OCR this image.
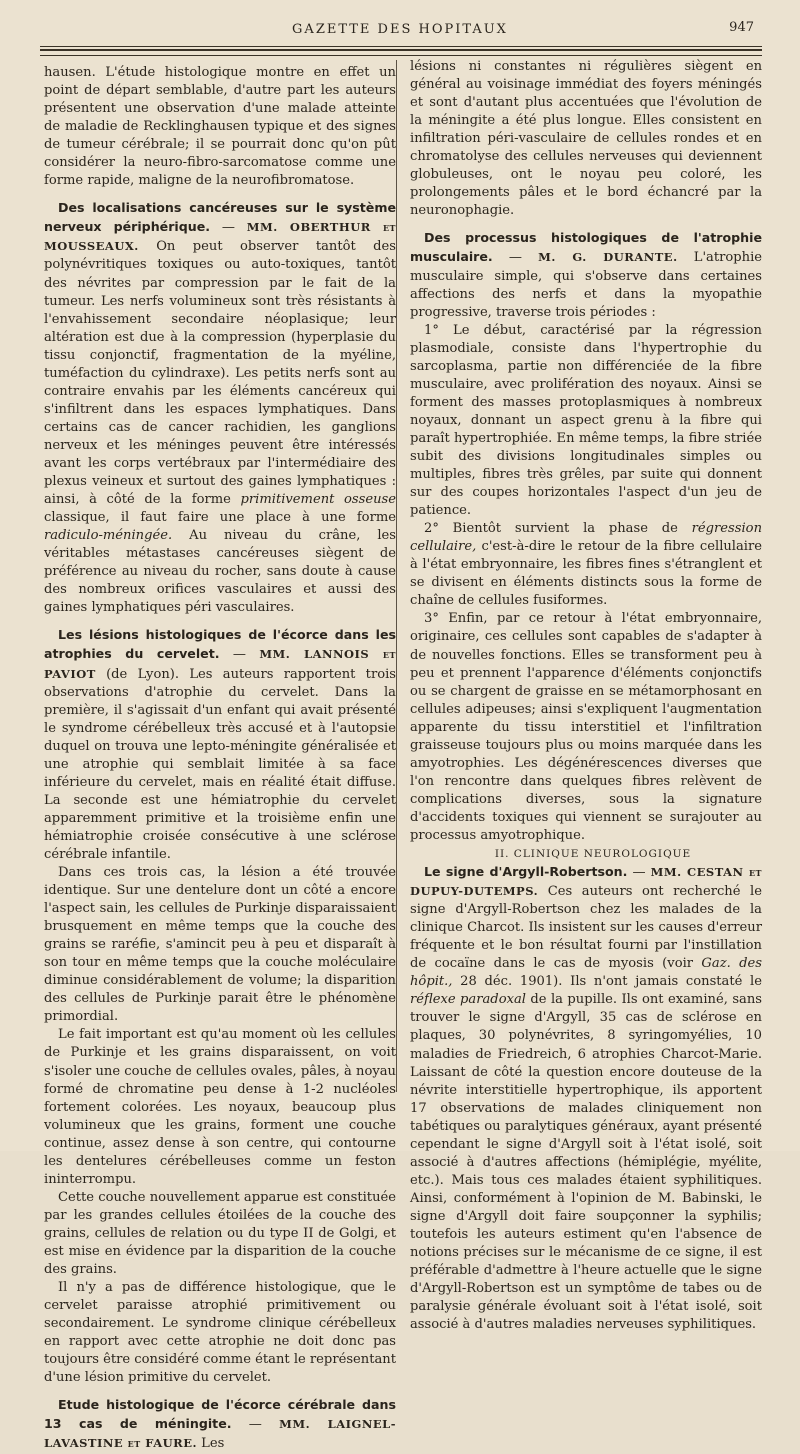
GAZETTE DES HOPITAUX	947

hausen. L'étude histologique montre en effet un point de départ semblable, d'autre part les auteurs présentent une observation d'une malade atteinte de maladie de Recklinghausen typique et des signes de tumeur cérébrale; il se pourrait donc qu'on pût considérer la neuro-fibro-sarcomatose comme une forme rapide, maligne de la neurofibromatose.

Des localisations cancéreuses sur le système nerveux périphérique. — MM. OBERTHUR et MOUSSEAUX. On peut observer tantôt des polynévritiques toxiques ou auto-toxiques, tantôt des névrites par compression par le fait de la tumeur. Les nerfs volumineux sont très résistants à l'envahissement secondaire néoplasique; leur altération est due à la compression (hyperplasie du tissu conjonctif, fragmentation de la myéline, tuméfaction du cylindraxe). Les petits nerfs sont au contraire envahis par les éléments cancéreux qui s'infiltrent dans les espaces lymphatiques. Dans certains cas de cancer rachidien, les ganglions nerveux et les méninges peuvent être intéressés avant les corps vertébraux par l'intermédiaire des plexus veineux et surtout des gaines lymphatiques : ainsi, à côté de la forme primitivement osseuse classique, il faut faire une place à une forme radiculo-méningée. Au niveau du crâne, les véritables métastases cancéreuses siègent de préférence au niveau du rocher, sans doute à cause des nombreux orifices vasculaires et aussi des gaines lymphatiques péri vasculaires.

Les lésions histologiques de l'écorce dans les atrophies du cervelet. — MM. LANNOIS et PAVIOT (de Lyon). Les auteurs rapportent trois observations d'atrophie du cervelet. Dans la première, il s'agissait d'un enfant qui avait présenté le syndrome cérébelleux très accusé et à l'autopsie duquel on trouva une lepto-méningite généralisée et une atrophie qui semblait limitée à sa face inférieure du cervelet, mais en réalité était diffuse. La seconde est une hémiatrophie du cervelet apparemment primitive et la troisième enfin une hémiatrophie croisée consécutive à une sclérose cérébrale infantile.

Dans ces trois cas, la lésion a été trouvée identique. Sur une dentelure dont un côté a encore l'aspect sain, les cellules de Purkinje disparaissaient brusquement en même temps que la couche des grains se raréfie, s'amincit peu à peu et disparaît à son tour en même temps que la couche moléculaire diminue considérablement de volume; la disparition des cellules de Purkinje parait être le phénomène primordial.

Le fait important est qu'au moment où les cellules de Purkinje et les grains disparaissent, on voit s'isoler une couche de cellules ovales, pâles, à noyau formé de chromatine peu dense à 1-2 nucléoles fortement colorées. Les noyaux, beaucoup plus volumineux que les grains, forment une couche continue, assez dense à son centre, qui contourne les dentelures cérébelleuses comme un feston ininterrompu.

Cette couche nouvellement apparue est constituée par les grandes cellules étoilées de la couche des grains, cellules de relation ou du type II de Golgi, et est mise en évidence par la disparition de la couche des grains.

Il n'y a pas de différence histologique, que le cervelet paraisse atrophié primitivement ou secondairement. Le syndrome clinique cérébelleux en rapport avec cette atrophie ne doit donc pas toujours être considéré comme étant le représentant d'une lésion primitive du cervelet.

Etude histologique de l'écorce cérébrale dans 13 cas de méningite. — MM. LAIGNEL-LAVASTINE et FAURE. Les

lésions ni constantes ni régulières siègent en général au voisinage immédiat des foyers méningés et sont d'autant plus accentuées que l'évolution de la méningite a été plus longue. Elles consistent en infiltration péri-vasculaire de cellules rondes et en chromatolyse des cellules nerveuses qui deviennent globuleuses, ont le noyau peu coloré, les prolongements pâles et le bord échancré par la neuronophagie.

Des processus histologiques de l'atrophie musculaire. — M. G. DURANTE. L'atrophie musculaire simple, qui s'observe dans certaines affections des nerfs et dans la myopathie progressive, traverse trois périodes :

1° Le début, caractérisé par la régression plasmodiale, consiste dans l'hypertrophie du sarcoplasma, partie non différenciée de la fibre musculaire, avec prolifération des noyaux. Ainsi se forment des masses protoplasmiques à nombreux noyaux, donnant un aspect grenu à la fibre qui paraît hypertrophiée. En même temps, la fibre striée subit des divisions longitudinales simples ou multiples, fibres très grêles, par suite qui donnent sur des coupes horizontales l'aspect d'un jeu de patience.

2° Bientôt survient la phase de régression cellulaire, c'est-à-dire le retour de la fibre cellulaire à l'état embryonnaire, les fibres fines s'étranglent et se divisent en éléments distincts sous la forme de chaîne de cellules fusiformes.

3° Enfin, par ce retour à l'état embryonnaire, originaire, ces cellules sont capables de s'adapter à de nouvelles fonctions. Elles se transforment peu à peu et prennent l'apparence d'éléments conjonctifs ou se chargent de graisse en se métamorphosant en cellules adipeuses; ainsi s'expliquent l'augmentation apparente du tissu interstitiel et l'infiltration graisseuse toujours plus ou moins marquée dans les amyotrophies. Les dégénérescences diverses que l'on rencontre dans quelques fibres relèvent de complications diverses, sous la signature d'accidents toxiques qui viennent se surajouter au processus amyotrophique.

II. CLINIQUE NEUROLOGIQUE

Le signe d'Argyll-Robertson. — MM. CESTAN et DUPUY-DUTEMPS. Ces auteurs ont recherché le signe d'Argyll-Robertson chez les malades de la clinique Charcot. Ils insistent sur les causes d'erreur fréquente et le bon résultat fourni par l'instillation de cocaïne dans le cas de myosis (voir Gaz. des hôpit., 28 déc. 1901). Ils n'ont jamais constaté le réflexe paradoxal de la pupille. Ils ont examiné, sans trouver le signe d'Argyll, 35 cas de sclérose en plaques, 30 polynévrites, 8 syringomyélies, 10 maladies de Friedreich, 6 atrophies Charcot-Marie. Laissant de côté la question encore douteuse de la névrite interstitielle hypertrophique, ils apportent 17 observations de malades cliniquement non tabétiques ou paralytiques généraux, ayant présenté cependant le signe d'Argyll soit à l'état isolé, soit associé à d'autres affections (hémiplégie, myélite, etc.). Mais tous ces malades étaient syphilitiques. Ainsi, conformément à l'opinion de M. Babinski, le signe d'Argyll doit faire soupçonner la syphilis; toutefois les auteurs estiment qu'en l'absence de notions précises sur le mécanisme de ce signe, il est préférable d'admettre à l'heure actuelle que le signe d'Argyll-Robertson est un symptôme de tabes ou de paralysie générale évoluant soit à l'état isolé, soit associé à d'autres maladies nerveuses syphilitiques.
